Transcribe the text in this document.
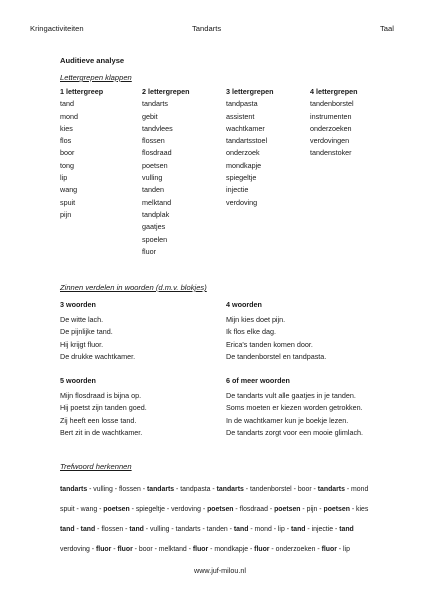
Kringactiviteiten	Tandarts	Taal
Auditieve analyse
Lettergrepen klappen
1 lettergreep
tand
mond
kies
flos
boor
tong
lip
wang
spuit
pijn
2 lettergrepen
tandarts
gebit
tandvlees
flossen
flosdraad
poetsen
vulling
tanden
melktand
tandplak
gaatjes
spoelen
fluor
3 lettergrepen
tandpasta
assistent
wachtkamer
tandartsstoel
onderzoek
mondkapje
spiegeltje
injectie
verdoving
4 lettergrepen
tandenborstel
instrumenten
onderzoeken
verdovingen
tandenstoker
Zinnen verdelen in woorden (d.m.v. blokjes)
3 woorden
De witte lach.
De pijnlijke tand.
Hij krijgt fluor.
De drukke wachtkamer.
4 woorden
Mijn kies doet pijn.
Ik flos elke dag.
Erica's tanden komen door.
De tandenborstel en tandpasta.
5 woorden
Mijn flosdraad is bijna op.
Hij poetst zijn tanden goed.
Zij heeft een losse tand.
Bert zit in de wachtkamer.
6 of meer woorden
De tandarts vult alle gaatjes in je tanden.
Soms moeten er kiezen worden getrokken.
In de wachtkamer kun je boekje lezen.
De tandarts zorgt voor een mooie glimlach.
Trefwoord herkennen
tandarts - vulling - flossen - tandarts - tandpasta - tandarts - tandenborstel - boor - tandarts - mond
spuit - wang - poetsen - spiegeltje - verdoving - poetsen - flosdraad - poetsen - pijn - poetsen - kies
tand - tand - flossen - tand - vulling - tandarts - tanden - tand - mond - lip - tand - injectie - tand
verdoving - fluor - fluor - boor - melktand - fluor - mondkapje - fluor - onderzoeken - fluor - lip
www.juf-milou.nl
